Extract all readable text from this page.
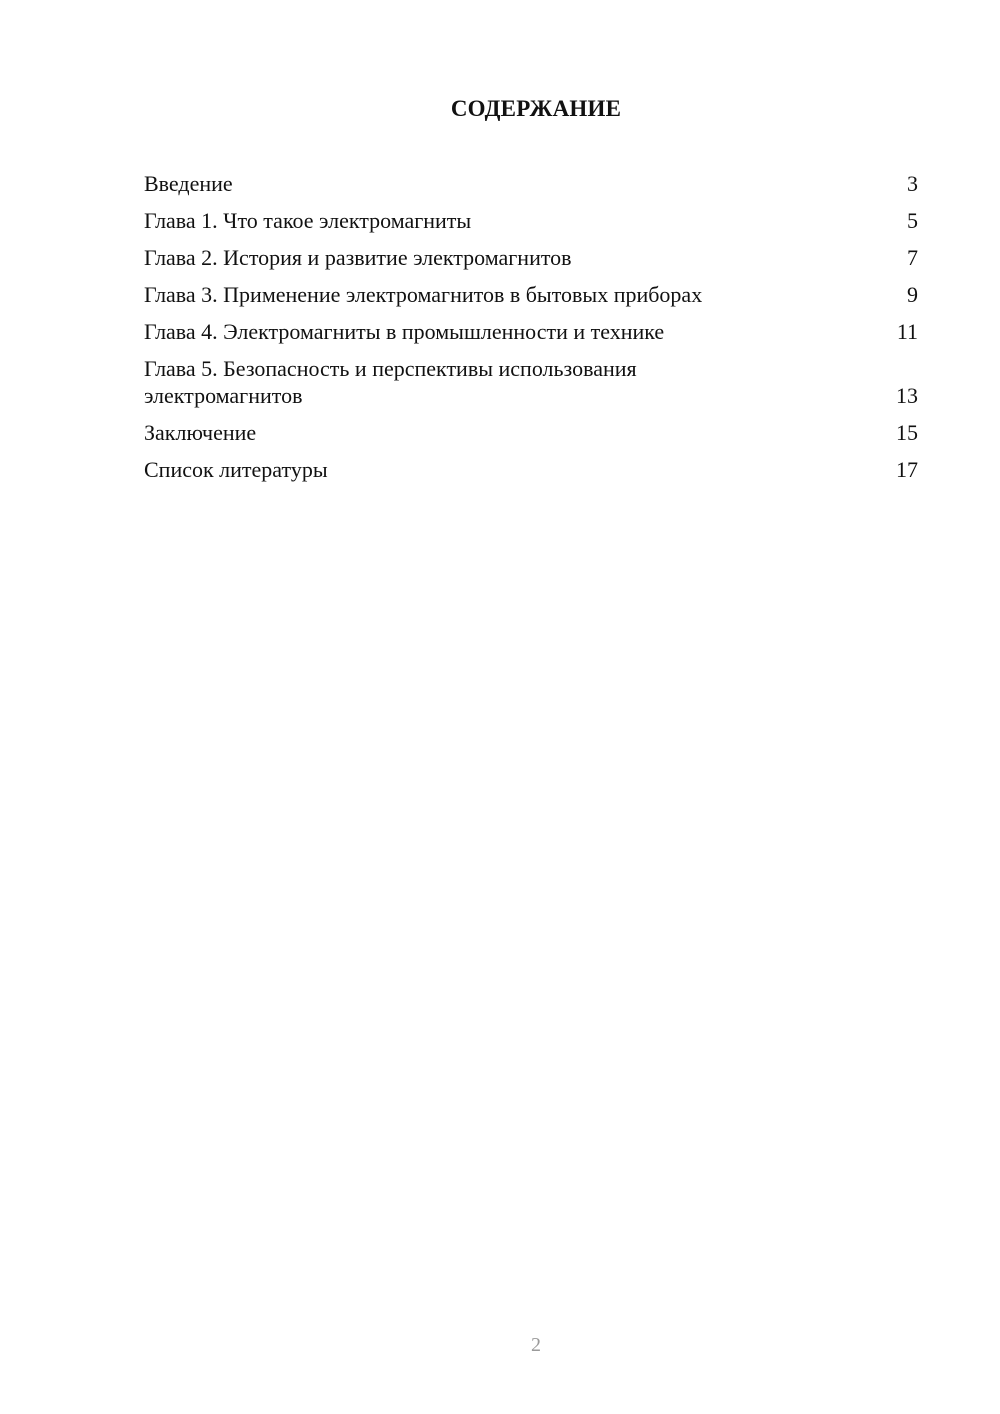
СОДЕРЖАНИЕ
Введение	3
Глава 1. Что такое электромагниты	5
Глава 2. История и развитие электромагнитов	7
Глава 3. Применение электромагнитов в бытовых приборах	9
Глава 4. Электромагниты в промышленности и технике	11
Глава 5. Безопасность и перспективы использования электромагнитов	13
Заключение	15
Список литературы	17
2
